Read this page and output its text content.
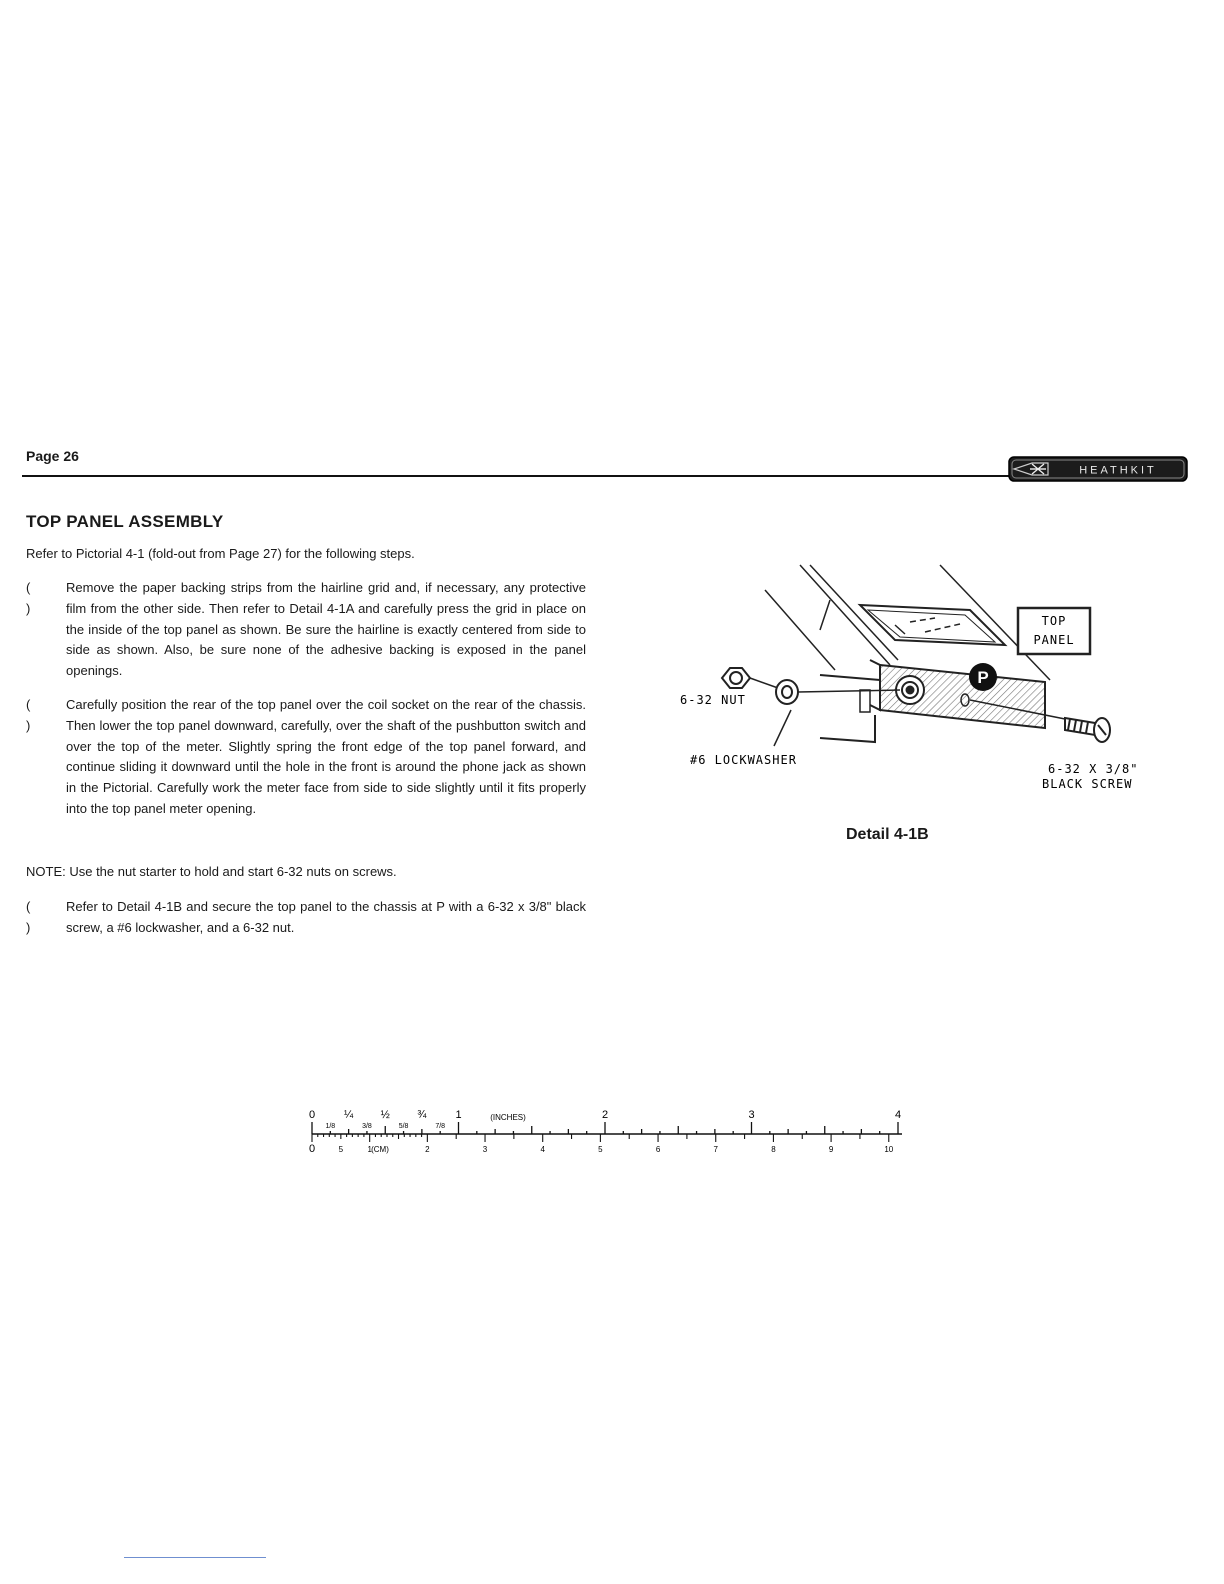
Page 26
HEATHKIT
TOP PANEL ASSEMBLY
Refer to Pictorial 4-1 (fold-out from Page 27) for the following steps.
( )
Remove the paper backing strips from the hairline grid and, if necessary, any protective film from the other side. Then refer to Detail 4-1A and carefully press the grid in place on the inside of the top panel as shown. Be sure the hairline is exactly centered from side to side as shown. Also, be sure none of the adhesive backing is exposed in the panel openings.
( )
Carefully position the rear of the top panel over the coil socket on the rear of the chassis. Then lower the top panel downward, carefully, over the shaft of the pushbutton switch and over the top of the meter. Slightly spring the front edge of the top panel forward, and continue sliding it downward until the hole in the front is around the phone jack as shown in the Pictorial. Carefully work the meter face from side to side slightly until it fits properly into the top panel meter opening.
NOTE: Use the nut starter to hold and start 6-32 nuts on screws.
( )
Refer to Detail 4-1B and secure the top panel to the chassis at P with a 6-32 x 3/8" black screw, a #6 lockwasher, and a 6-32 nut.
P
TOP
PANEL
6-32 NUT
#6 LOCKWASHER
6-32 X 3/8"
BLACK SCREW
Detail 4-1B
0	¼ ½ ¾	1	2	3	4
1/8	3/8	5/8	7/8
0	5	1	2	3	4	5	6	7	8	9	10
(INCHES)
(CM)
